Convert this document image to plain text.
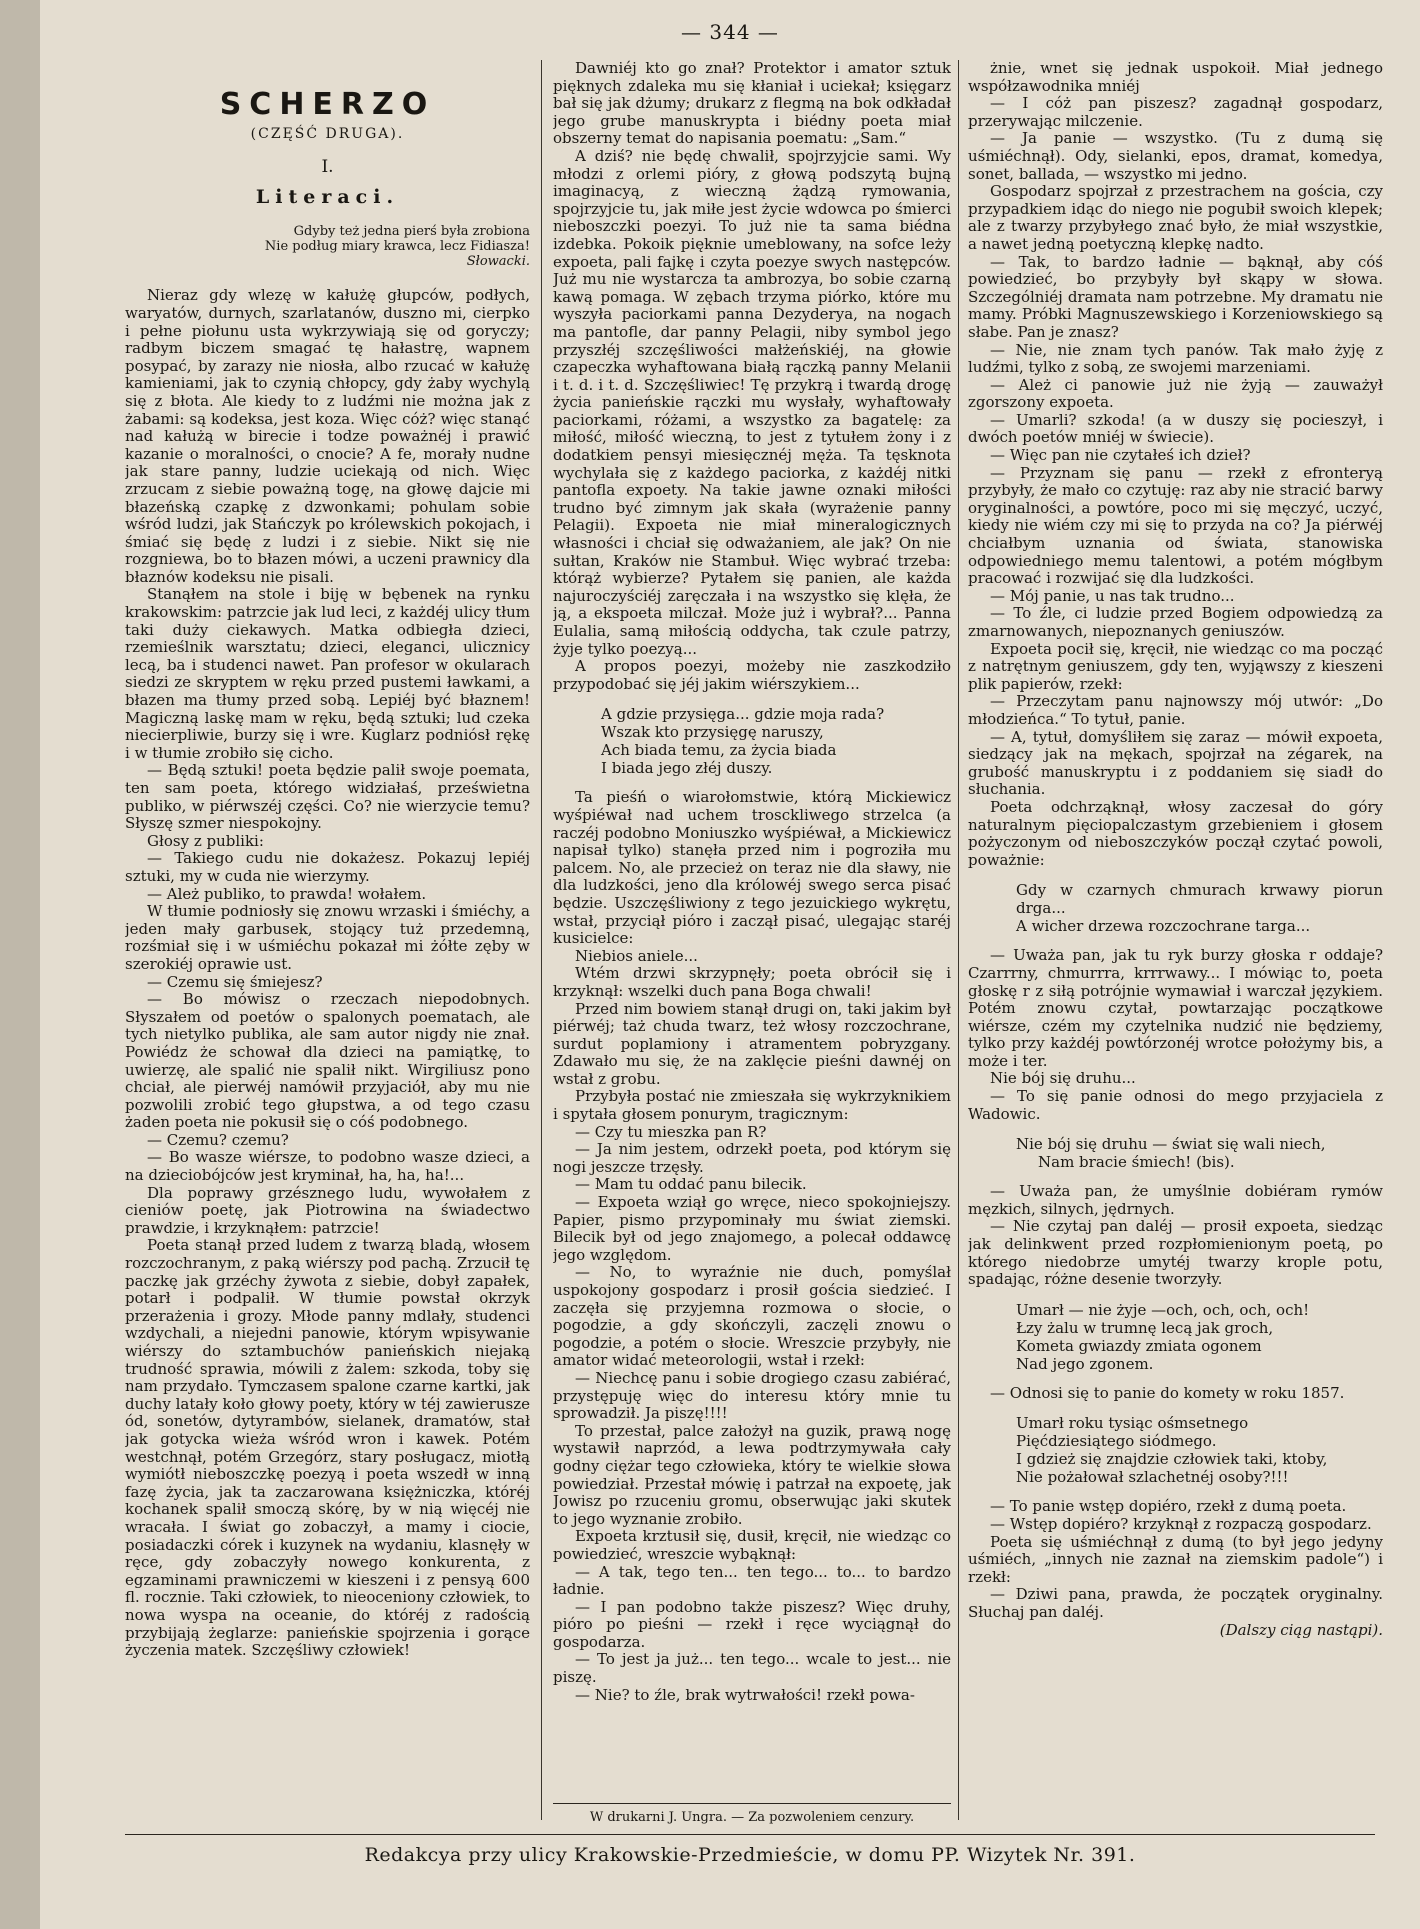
— 344 —
SCHERZO
(CZĘŚĆ DRUGA).
I.
Literaci.
Gdyby też jedna pierś była zrobiona
Nie podług miary krawca, lecz Fidiasza!
Słowacki.

Nieraz gdy wlezę w kałużę głupców, podłych, waryatów, durnych, szarlatanów, duszno mi, cierpko i pełne piołunu usta wykrzywiają się od goryczy; radbym biczem smagać tę hałastrę, wapnem posypać, by zarazy nie niosła, albo rzucać w kałużę kamieniami, jak to czynią chłopcy, gdy żaby wychylą się z błota. Ale kiedy to z ludźmi nie można jak z żabami: są kodeksa, jest koza. Więc cóż? więc stanąć nad kałużą w birecie i todze poważnéj i prawić kazanie o moralności, o cnocie? A fe, morały nudne jak stare panny, ludzie uciekają od nich. Więc zrzucam z siebie poważną togę, na głowę dajcie mi błazeńską czapkę z dzwonkami; pohulam sobie wśród ludzi, jak Stańczyk po królewskich pokojach, i śmiać się będę z ludzi i z siebie. Nikt się nie rozgniewa, bo to błazen mówi, a uczeni prawnicy dla błaznów kodeksu nie pisali.

Stanąłem na stole i biję w bębenek na rynku krakowskim: patrzcie jak lud leci, z każdéj ulicy tłum taki duży ciekawych. Matka odbiegła dzieci, rzemieślnik warsztatu; dzieci, eleganci, ulicznicy lecą, ba i studenci nawet. Pan profesor w okularach siedzi ze skryptem w ręku przed pustemi ławkami, a błazen ma tłumy przed sobą. Lepiéj być błaznem! Magiczną laskę mam w ręku, będą sztuki; lud czeka niecierpliwie, burzy się i wre. Kuglarz podniósł rękę i w tłumie zrobiło się cicho.

— Będą sztuki! poeta będzie palił swoje poemata, ten sam poeta, którego widziałaś, prześwietna publiko, w piérwszéj części. Co? nie wierzycie temu? Słyszę szmer niespokojny.

Głosy z publiki:

— Takiego cudu nie dokażesz. Pokazuj lepiéj sztuki, my w cuda nie wierzymy.

— Ależ publiko, to prawda! wołałem.

W tłumie podniosły się znowu wrzaski i śmiéchy, a jeden mały garbusek, stojący tuż przedemną, rozśmiał się i w uśmiéchu pokazał mi żółte zęby w szerokiéj oprawie ust.

— Czemu się śmiejesz?

— Bo mówisz o rzeczach niepodobnych. Słyszałem od poetów o spalonych poematach, ale tych nietylko publika, ale sam autor nigdy nie znał. Powiédz że schował dla dzieci na pamiątkę, to uwierzę, ale spalić nie spalił nikt. Wirgiliusz pono chciał, ale pierwéj namówił przyjaciół, aby mu nie pozwolili zrobić tego głupstwa, a od tego czasu żaden poeta nie pokusił się o cóś podobnego.

— Czemu? czemu?

— Bo wasze wiérsze, to podobno wasze dzieci, a na dzieciobójców jest kryminał, ha, ha, ha!...

Dla poprawy grzésznego ludu, wywołałem z cieniów poetę, jak Piotrowina na świadectwo prawdzie, i krzyknąłem: patrzcie!

Poeta stanął przed ludem z twarzą bladą, włosem rozczochranym, z paką wiérszy pod pachą. Zrzucił tę paczkę jak grzéchy żywota z siebie, dobył zapałek, potarł i podpalił. W tłumie powstał okrzyk przerażenia i grozy. Młode panny mdlały, studenci wzdychali, a niejedni panowie, którym wpisywanie wiérszy do sztambuchów panieńskich niejaką trudność sprawia, mówili z żalem: szkoda, toby się nam przydało. Tymczasem spalone czarne kartki, jak duchy latały koło głowy poety, który w téj zawierusze ód, sonetów, dytyrambów, sielanek, dramatów, stał jak gotycka wieża wśród wron i kawek. Potém westchnął, potém Grzegórz, stary posługacz, miotłą wymiótł nieboszczkę poezyą i poeta wszedł w inną fazę życia, jak ta zaczarowana księżniczka, któréj kochanek spalił smoczą skórę, by w nią więcéj nie wracała. I świat go zobaczył, a mamy i ciocie, posiadaczki córek i kuzynek na wydaniu, klasnęły w ręce, gdy zobaczyły nowego konkurenta, z egzaminami prawniczemi w kieszeni i z pensyą 600 fl. rocznie. Taki człowiek, to nieoceniony człowiek, to nowa wyspa na oceanie, do któréj z radością przybijają żeglarze: panieńskie spojrzenia i gorące życzenia matek. Szczęśliwy człowiek!

Dawniéj kto go znał? Protektor i amator sztuk pięknych zdaleka mu się kłaniał i uciekał; księgarz bał się jak dżumy; drukarz z flegmą na bok odkładał jego grube manuskrypta i biédny poeta miał obszerny temat do napisania poematu: „Sam.“

A dziś? nie będę chwalił, spojrzyjcie sami. Wy młodzi z orlemi pióry, z głową podszytą bujną imaginacyą, z wieczną żądzą rymowania, spojrzyjcie tu, jak miłe jest życie wdowca po śmierci nieboszczki poezyi. To już nie ta sama biédna izdebka. Pokoik pięknie umeblowany, na sofce leży expoeta, pali fajkę i czyta poezye swych następców. Już mu nie wystarcza ta ambrozya, bo sobie czarną kawą pomaga. W zębach trzyma piórko, które mu wyszyła paciorkami panna Dezyderya, na nogach ma pantofle, dar panny Pelagii, niby symbol jego przyszłéj szczęśliwości małżeńskiéj, na głowie czapeczka wyhaftowana białą rączką panny Melanii i t. d. i t. d. Szczęśliwiec! Tę przykrą i twardą drogę życia panieńskie rączki mu wysłały, wyhaftowały paciorkami, różami, a wszystko za bagatelę: za miłość, miłość wieczną, to jest z tytułem żony i z dodatkiem pensyi miesięcznéj męża. Ta tęsknota wychylała się z każdego paciorka, z każdéj nitki pantofla expoety. Na takie jawne oznaki miłości trudno być zimnym jak skała (wyrażenie panny Pelagii). Expoeta nie miał mineralogicznych własności i chciał się odważaniem, ale jak? On nie sułtan, Kraków nie Stambuł. Więc wybrać trzeba: którąż wybierze? Pytałem się panien, ale każda najuroczyściéj zaręczała i na wszystko się klęła, że ją, a ekspoeta milczał. Może już i wybrał?... Panna Eulalia, samą miłością oddycha, tak czule patrzy, żyje tylko poezyą...

A propos poezyi, możeby nie zaszkodziło przypodobać się jéj jakim wiérszykiem...

A gdzie przysięga... gdzie moja rada?
Wszak kto przysięgę naruszy,
Ach biada temu, za życia biada
I biada jego złéj duszy.

Ta pieśń o wiarołomstwie, którą Mickiewicz wyśpiéwał nad uchem trosckliwego strzelca (a raczéj podobno Moniuszko wyśpiéwał, a Mickiewicz napisał tylko) stanęła przed nim i pogroziła mu palcem. No, ale przecież on teraz nie dla sławy, nie dla ludzkości, jeno dla królowéj swego serca pisać będzie. Uszczęśliwiony z tego jezuickiego wykrętu, wstał, przyciął pióro i zaczął pisać, ulegając staréj kusicielce:

Niebios aniele...

Wtém drzwi skrzypnęły; poeta obrócił się i krzyknął: wszelki duch pana Boga chwali!

Przed nim bowiem stanął drugi on, taki jakim był piérwéj; taż chuda twarz, też włosy rozczochrane, surdut poplamiony i atramentem pobryzgany. Zdawało mu się, że na zaklęcie pieśni dawnéj on wstał z grobu.

Przybyła postać nie zmieszała się wykrzyknikiem i spytała głosem ponurym, tragicznym:

— Czy tu mieszka pan R?

— Ja nim jestem, odrzekł poeta, pod którym się nogi jeszcze trzęsły.

— Mam tu oddać panu bilecik.

— Expoeta wziął go wręce, nieco spokojniejszy. Papier, pismo przypominały mu świat ziemski. Bilecik był od jego znajomego, a polecał oddawcę jego względom.

— No, to wyraźnie nie duch, pomyślał uspokojony gospodarz i prosił gościa siedzieć. I zaczęła się przyjemna rozmowa o słocie, o pogodzie, a gdy skończyli, zaczęli znowu o pogodzie, a potém o słocie. Wreszcie przybyły, nie amator widać meteorologii, wstał i rzekł:

— Niechcę panu i sobie drogiego czasu zabiérać, przystępuję więc do interesu który mnie tu sprowadził. Ja piszę!!!!

To przestał, palce założył na guzik, prawą nogę wystawił naprzód, a lewa podtrzymywała cały godny ciężar tego człowieka, który te wielkie słowa powiedział. Przestał mówię i patrzał na expoetę, jak Jowisz po rzuceniu gromu, obserwując jaki skutek to jego wyznanie zrobiło.

Expoeta krztusił się, dusił, kręcił, nie wiedząc co powiedzieć, wreszcie wybąknął:

— A tak, tego ten... ten tego... to... to bardzo ładnie.

— I pan podobno także piszesz? Więc druhy, pióro po pieśni — rzekł i ręce wyciągnął do gospodarza.

— To jest ja już... ten tego... wcale to jest... nie piszę.

— Nie? to źle, brak wytrwałości! rzekł powa-

żnie, wnet się jednak uspokoił. Miał jednego współzawodnika mniéj

— I cóż pan piszesz? zagadnął gospodarz, przerywając milczenie.

— Ja panie — wszystko. (Tu z dumą się uśmiéchnął). Ody, sielanki, epos, dramat, komedya, sonet, ballada, — wszystko mi jedno.

Gospodarz spojrzał z przestrachem na gościa, czy przypadkiem idąc do niego nie pogubił swoich klepek; ale z twarzy przybyłego znać było, że miał wszystkie, a nawet jedną poetyczną klepkę nadto.

— Tak, to bardzo ładnie — bąknął, aby cóś powiedzieć, bo przybyły był skąpy w słowa. Szczególniéj dramata nam potrzebne. My dramatu nie mamy. Próbki Magnuszewskiego i Korzeniowskiego są słabe. Pan je znasz?

— Nie, nie znam tych panów. Tak mało żyję z ludźmi, tylko z sobą, ze swojemi marzeniami.

— Ależ ci panowie już nie żyją — zauważył zgorszony expoeta.

— Umarli? szkoda! (a w duszy się pocieszył, i dwóch poetów mniéj w świecie).

— Więc pan nie czytałeś ich dzieł?

— Przyznam się panu — rzekł z efronteryą przybyły, że mało co czytuję: raz aby nie stracić barwy oryginalności, a powtóre, poco mi się męczyć, uczyć, kiedy nie wiém czy mi się to przyda na co? Ja piérwéj chciałbym uznania od świata, stanowiska odpowiedniego memu talentowi, a potém mógłbym pracować i rozwijać się dla ludzkości.

— Mój panie, u nas tak trudno...

— To źle, ci ludzie przed Bogiem odpowiedzą za zmarnowanych, niepoznanych geniuszów.

Expoeta pocił się, kręcił, nie wiedząc co ma począć z natrętnym geniuszem, gdy ten, wyjąwszy z kieszeni plik papierów, rzekł:

— Przeczytam panu najnowszy mój utwór: „Do młodzieńca.“ To tytuł, panie.

— A, tytuł, domyśliłem się zaraz — mówił expoeta, siedzący jak na mękach, spojrzał na zégarek, na grubość manuskryptu i z poddaniem się siadł do słuchania.

Poeta odchrząknął, włosy zaczesał do góry naturalnym pięciopalczastym grzebieniem i głosem pożyczonym od nieboszczyków począł czytać powoli, poważnie:

Gdy w czarnych chmurach krwawy piorun drga...
A wicher drzewa rozczochrane targa...

— Uważa pan, jak tu ryk burzy głoska r oddaje? Czarrrny, chmurrra, krrrwawy... I mówiąc to, poeta głoskę r z siłą potrójnie wymawiał i warczał językiem. Potém znowu czytał, powtarzając początkowe wiérsze, czém my czytelnika nudzić nie będziemy, tylko przy każdéj powtórzonéj wrotce położymy bis, a może i ter.

Nie bój się druhu...

— To się panie odnosi do mego przyjaciela z Wadowic.

Nie bój się druhu — świat się wali niech,
Nam bracie śmiech! (bis).

— Uważa pan, że umyślnie dobiéram rymów męzkich, silnych, jędrnych.

— Nie czytaj pan daléj — prosił expoeta, siedząc jak delinkwent przed rozpłomienionym poetą, po którego niedobrze umytéj twarzy krople potu, spadając, różne desenie tworzyły.

Umarł — nie żyje —och, och, och, och!
Łzy żalu w trumnę lecą jak groch,
Kometa gwiazdy zmiata ogonem
Nad jego zgonem.

— Odnosi się to panie do komety w roku 1857.

Umarł roku tysiąc ośmsetnego
Pięćdziesiątego siódmego.
I gdzież się znajdzie człowiek taki, ktoby,
Nie pożałował szlachetnéj osoby?!!!

— To panie wstęp dopiéro, rzekł z dumą poeta.

— Wstęp dopiéro? krzyknął z rozpaczą gospodarz.

Poeta się uśmiéchnął z dumą (to był jego jedyny uśmiéch, „innych nie zaznał na ziemskim padole“) i rzekł:

— Dziwi pana, prawda, że początek oryginalny. Słuchaj pan daléj.

(Dalszy ciąg nastąpi).

W drukarni J. Ungra. — Za pozwoleniem cenzury.
Redakcya przy ulicy Krakowskie-Przedmieście, w domu PP. Wizytek Nr. 391.
